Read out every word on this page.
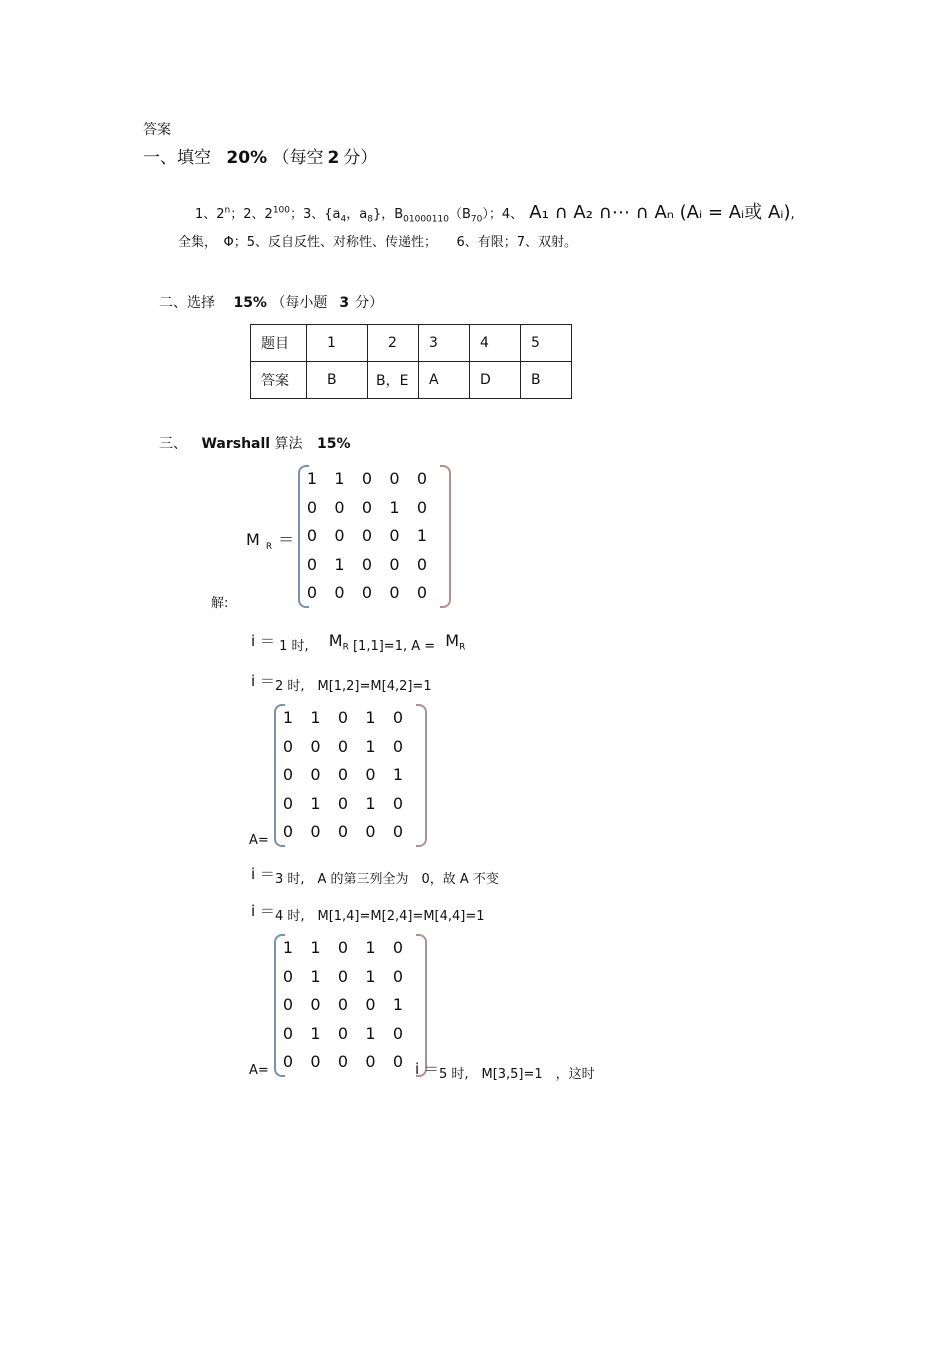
答案
一、填空 20% （每空 2 分）
1、2$^n$；2、$2^{100}$；3、{$a_4$，$a_8$}，$B_{01000110}(B_{70})$；4、 A₁ ∩ A₂ ∩⋯ ∩ Aₙ (Aᵢ = Aᵢ或 Aᵢ),
全集，　Φ；5、反自反性、对称性、传递性；　　6、有限；7、双射。
二、选择 15% （每小题 3 分）
题目	1	2	3	4	5
答案	B	B，E	A	D	B
三、 Warshall 算法 15%
M $_R$ ＝
1	1	0	0	0
0	0	0	1	0
0	0	0	0	1
0	1	0	0	0
0	0	0	0	0
解:
i ＝ 1 时, $M_R$ [1,1]=1, $A = M_R$
i ＝2 时,　M[1,2]=M[4,2]=1
A=
1	1	0	1	0
0	0	0	1	0
0	0	0	0	1
0	1	0	1	0
0	0	0	0	0
i ＝3 时,　A 的第三列全为　0，故 A 不变
i ＝4 时,　M[1,4]=M[2,4]=M[4,4]=1
A=
1	1	0	1	0
0	1	0	1	0
0	0	0	0	1
0	1	0	1	0
0	0	0	0	0 i ＝5 时,　M[3,5]=1　，这时
